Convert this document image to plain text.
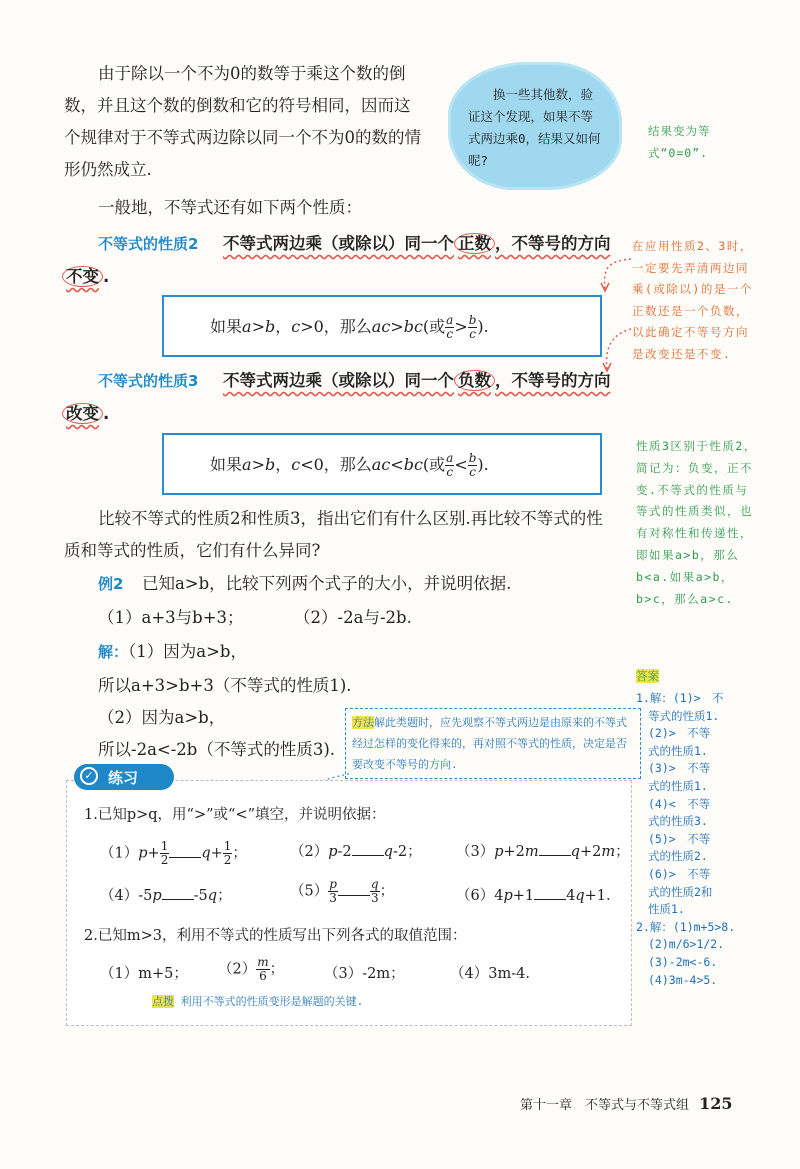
由于除以一个不为0的数等于乘这个数的倒
数，并且这个数的倒数和它的符号相同，因而这
个规律对于不等式两边除以同一个不为0的数的情
形仍然成立.
换一些其他数，验证这个发现，如果不等式两边乘0，结果又如何呢?
结果变为等式“0=0”.
一般地，不等式还有如下两个性质：
不等式的性质2 不等式两边乘（或除以）同一个 正数 ，不等号的方向
不变 .
如果a>b，c>0，那么ac>bc(或 $\frac{a}{c} > \frac{b}{c}$ ).
不等式的性质3 不等式两边乘（或除以）同一个 负数 ，不等号的方向
改变 .
如果a>b，c<0，那么ac<bc(或 $\frac{a}{c} < \frac{b}{c}$ ).
在应用性质2、3时，一定要先弄清两边同乘(或除以)的是一个正数还是一个负数，以此确定不等号方向是改变还是不变.
比较不等式的性质2和性质3，指出它们有什么区别.再比较不等式的性
质和等式的性质，它们有什么异同?
性质3区别于性质2，简记为：负变，正不变.不等式的性质与等式的性质类似，也有对称性和传递性，即如果a>b，那么b<a.如果a>b，b>c，那么a>c.
例2 已知a>b，比较下列两个式子的大小，并说明依据.
（1）a+3与b+3；	（2）-2a与-2b.
解：（1）因为a>b，
所以a+3>b+3（不等式的性质1).
（2）因为a>b，
所以-2a<-2b（不等式的性质3).
方法解此类题时，应先观察不等式两边是由原来的不等式经过怎样的变化得来的，再对照不等式的性质，决定是否要改变不等号的方向.
✓ 练习
1.已知p>q，用“>”或“<”填空，并说明依据：
$(1)p+ \frac{1}{2} q+ \frac{1}{2}$ ；	（2）p-2 q-2； （3）p+2m q+2m；
（4）-5p -5q；	$(5) \frac{p}{3}$	$\frac{q}{3}$ ；	（6）4p+1 4q+1.
2.已知m>3，利用不等式的性质写出下列各式的取值范围：
（1）m+5； $(2) \frac{m}{6}$ ；	（3）-2m；	（4）3m-4.
点拨 利用不等式的性质变形是解题的关键.
答案
1.解：(1)>　不
等式的性质1.
(2)>　不等
式的性质1.
(3)>　不等
式的性质1.
(4)<　不等
式的性质3.
(5)>　不等
式的性质2.
(6)>　不等
式的性质2和
性质1.
2.解：(1)m+5>8.
(2)m/6>1/2.
(3)-2m<-6.
(4)3m-4>5.
第十一章　不等式与不等式组 125
